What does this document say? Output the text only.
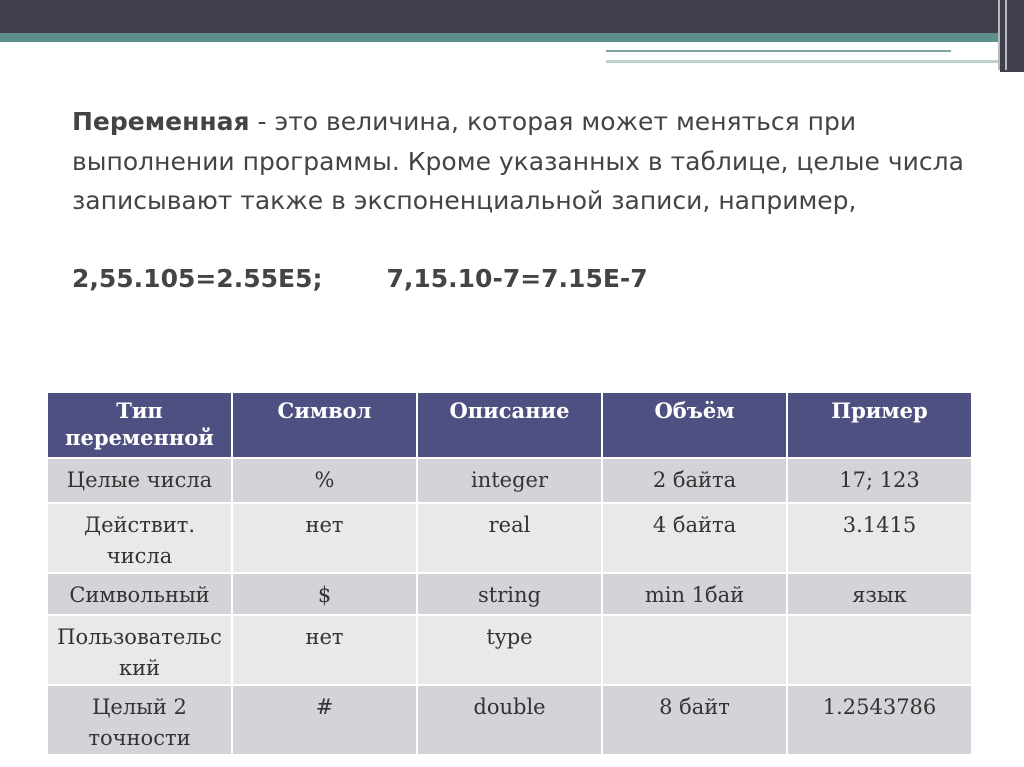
Переменная - это величина, которая может меняться при выполнении программы. Кроме указанных в таблице, целые числа записывают также в экспоненциальной записи, например,
2,55.105=2.55E5;	7,15.10-7=7.15E-7
Тип переменной	Символ	Описание	Объём	Пример
Целые числа	%	integer	2 байта	17; 123
Действит. числа	нет	real	4 байта	3.1415
Символьный	$	string	min 1бай	язык
Пользовательс кий	нет	type		
Целый 2 точности	#	double	8 байт	1.2543786
